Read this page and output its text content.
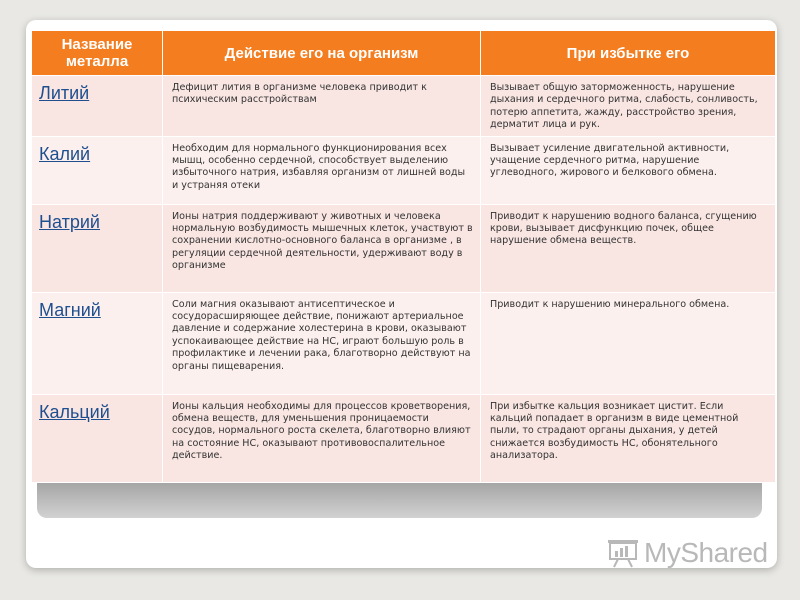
Название металла	Действие его на организм	При избытке его
Литий	Дефицит лития в организме человека приводит к психическим расстройствам	Вызывает общую заторможенность, нарушение дыхания и сердечного ритма, слабость, сонливость, потерю аппетита, жажду, расстройство зрения, дерматит лица и рук.
Калий	Необходим для нормального функционирования всех мышц, особенно сердечной, способствует выделению избыточного натрия, избавляя организм от лишней воды и устраняя отеки	Вызывает усиление двигательной активности, учащение сердечного ритма, нарушение углеводного, жирового и белкового обмена.
Натрий	Ионы натрия поддерживают у животных и человека нормальную возбудимость мышечных клеток, участвуют в сохранении кислотно-основного баланса в организме , в регуляции сердечной деятельности, удерживают воду в организме	Приводит к нарушению водного баланса, сгущению крови, вызывает дисфункцию почек, общее нарушение обмена веществ.
Магний	Соли магния оказывают антисептическое и сосудорасширяющее действие, понижают артериальное давление и содержание холестерина в крови, оказывают успокаивающее действие на НС, играют большую роль в профилактике и лечении рака, благотворно действуют на органы пищеварения.	Приводит к нарушению минерального обмена.
Кальций	Ионы кальция необходимы для процессов кроветворения, обмена веществ, для уменьшения проницаемости сосудов, нормального роста скелета, благотворно влияют на состояние НС, оказывают противовоспалительное действие.	При избытке кальция возникает цистит. Если кальций попадает в организм в виде цементной пыли, то страдают органы дыхания, у детей снижается возбудимость НС, обонятельного анализатора.
MyShared
